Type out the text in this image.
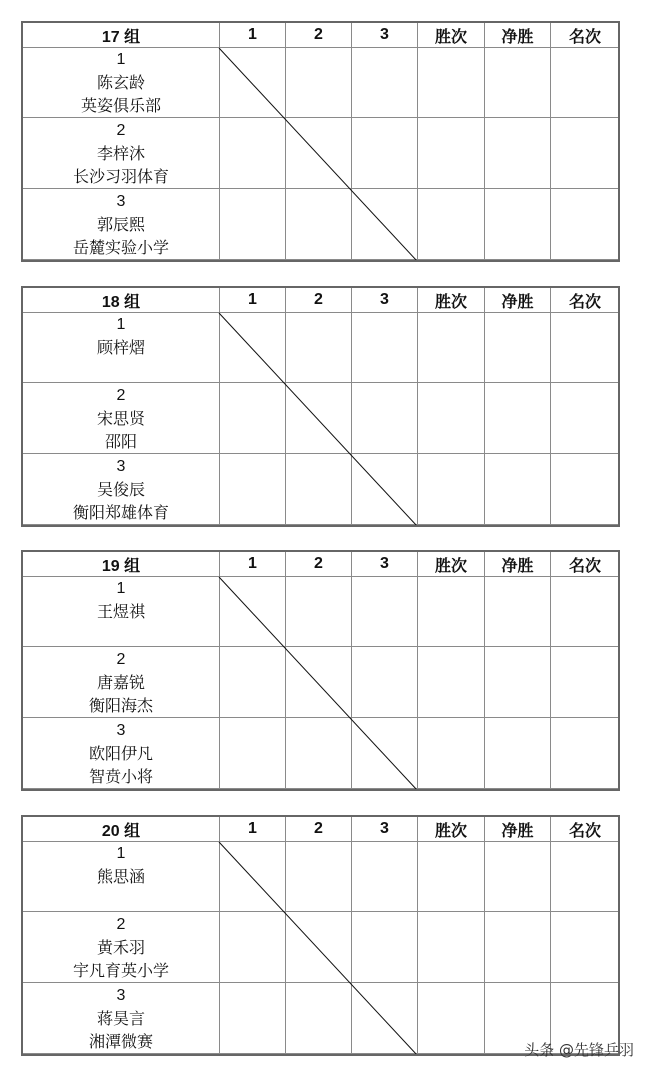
17 组	1	2	3	胜次	净胜	名次

1
陈玄龄
英姿俱乐部						

2
李梓沐
长沙习羽体育						

3
郭辰熙
岳麓实验小学						

18 组	1	2	3	胜次	净胜	名次

1
顾梓熠						

2
宋思贤
邵阳						

3
吴俊辰
衡阳郑雄体育						

19 组	1	2	3	胜次	净胜	名次

1
王煜祺						

2
唐嘉锐
衡阳海杰						

3
欧阳伊凡
智贲小将						

20 组	1	2	3	胜次	净胜	名次

1
熊思涵						

2
黄禾羽
宇凡育英小学						

3
蒋昊言
湘潭微赛						
							头条 @先锋乒羽
